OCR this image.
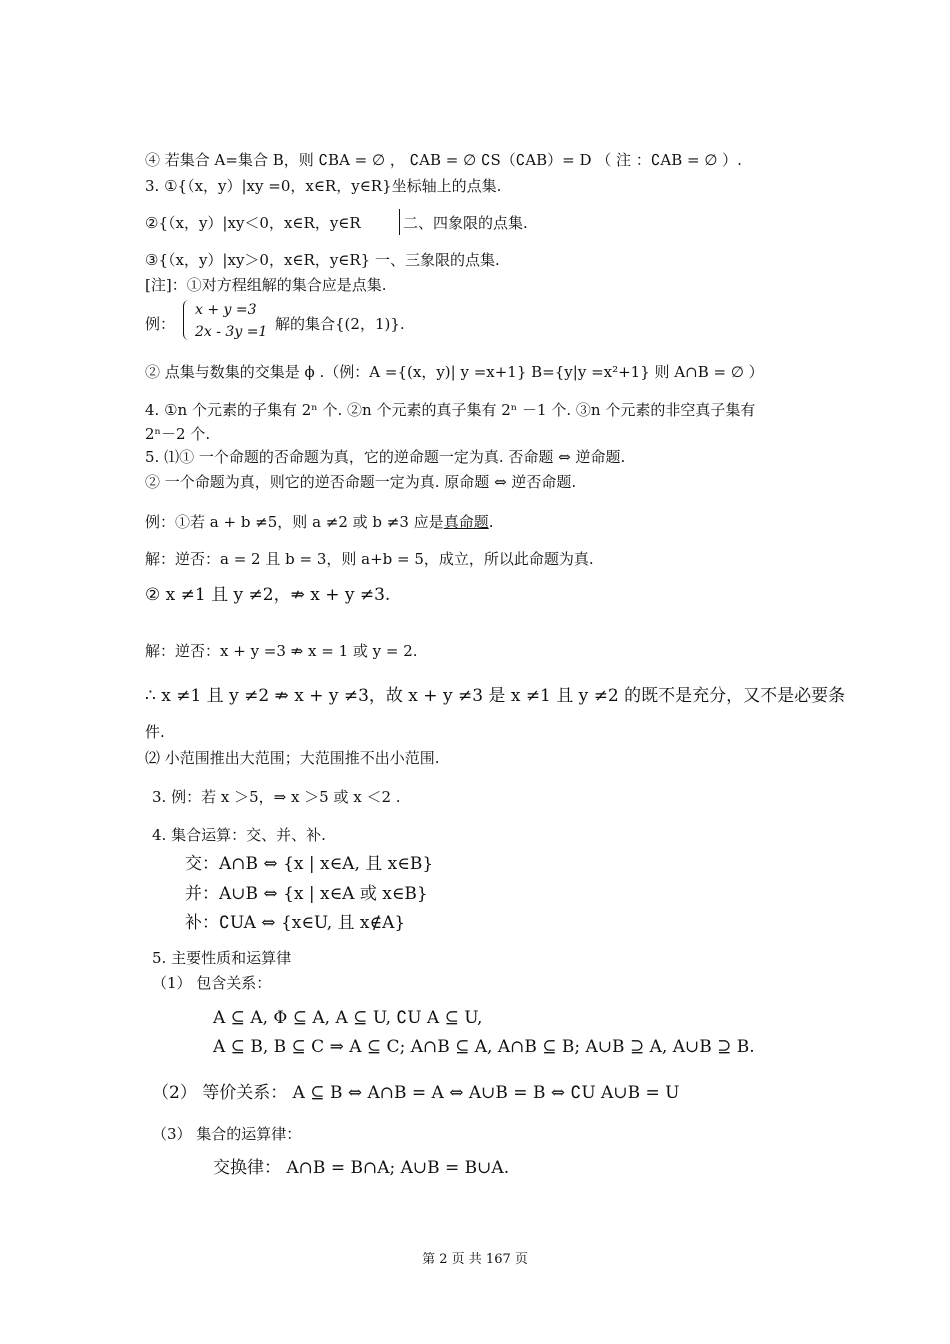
④ 若集合 A=集合 B，则 ∁BA = ∅ ， ∁AB = ∅ ∁S（∁AB）= D （ 注 ：∁AB = ∅ ）.

3. ①{（x，y）|xy =0，x∈R，y∈R}坐标轴上的点集.

②{（x，y）|xy＜0，x∈R，y∈R	二、四象限的点集.

③{（x，y）|xy＞0，x∈R，y∈R} 一、三象限的点集.

[注]：①对方程组解的集合应是点集.

例：

x + y =3
2x - 3y =1 解的集合{(2，1)}.

② 点集与数集的交集是 ϕ .（例：A ={(x，y)| y =x+1} B={y|y =x²+1} 则 A∩B = ∅ ）

4. ①n 个元素的子集有 2ⁿ 个. ②n 个元素的真子集有 2ⁿ －1 个. ③n 个元素的非空真子集有

2ⁿ－2 个.

5. ⑴① 一个命题的否命题为真，它的逆命题一定为真. 否命题 ⇔ 逆命题.

② 一个命题为真，则它的逆否命题一定为真. 原命题 ⇔ 逆否命题.

例：①若 a + b ≠5，则 a ≠2 或 b ≠3 应是真命题.

解：逆否：a = 2 且 b = 3，则 a+b = 5，成立，所以此命题为真.

② x ≠1 且 y ≠2，⇏ x + y ≠3.

解：逆否：x + y =3 ⇏ x = 1 或 y = 2.

∴ x ≠1 且 y ≠2 ⇏ x + y ≠3，故 x + y ≠3 是 x ≠1 且 y ≠2 的既不是充分，又不是必要条

件.

⑵ 小范围推出大范围；大范围推不出小范围.

3. 例：若 x ＞5，⇒ x ＞5 或 x ＜2 .

4. 集合运算：交、并、补.

交：A∩B ⇔ {x | x∈A, 且 x∈B}

并：A∪B ⇔ {x | x∈A 或 x∈B}

补：∁UA ⇔ {x∈U, 且 x∉A}

5. 主要性质和运算律

（1） 包含关系：

A ⊆ A, Φ ⊆ A, A ⊆ U, ∁U A ⊆ U,

A ⊆ B, B ⊆ C ⇒ A ⊆ C; A∩B ⊆ A, A∩B ⊆ B; A∪B ⊇ A, A∪B ⊇ B.

（2） 等价关系： A ⊆ B ⇔ A∩B = A ⇔ A∪B = B ⇔ ∁U A∪B = U

（3） 集合的运算律：

交换律： A∩B = B∩A; A∪B = B∪A.

第 2 页 共 167 页
